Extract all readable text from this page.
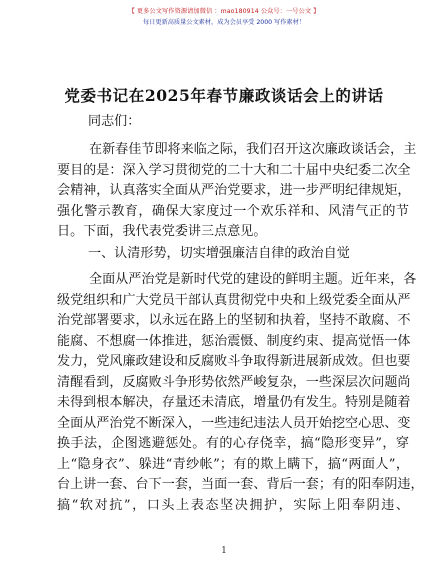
【 更多公文写作资源请加微信 ：mao180914 公众号：一号公文 】
每日更新高质量公文素材，成为会员享受 2000 写作素材！
党委书记在2025年春节廉政谈话会上的讲话
同志们：
在新春佳节即将来临之际，我们召开这次廉政谈话会，主
要目的是：深入学习贯彻党的二十大和二十届中央纪委二次全
会精神，认真落实全面从严治党要求，进一步严明纪律规矩，
强化警示教育，确保大家度过一个欢乐祥和、风清气正的节
日。下面，我代表党委讲三点意见。
一、认清形势，切实增强廉洁自律的政治自觉
全面从严治党是新时代党的建设的鲜明主题。近年来，各
级党组织和广大党员干部认真贯彻党中央和上级党委全面从严
治党部署要求，以永远在路上的坚韧和执着，坚持不敢腐、不
能腐、不想腐一体推进，惩治震慑、制度约束、提高觉悟一体
发力，党风廉政建设和反腐败斗争取得新进展新成效。但也要
清醒看到，反腐败斗争形势依然严峻复杂，一些深层次问题尚
未得到根本解决，存量还未清底，增量仍有发生。特别是随着
全面从严治党不断深入，一些违纪违法人员开始挖空心思、变
换手法，企图逃避惩处。有的心存侥幸，搞“隐形变异”，穿
上“隐身衣”、躲进“青纱帐”；有的欺上瞒下，搞“两面人”，
台上讲一套、台下一套，当面一套、背后一套；有的阳奉阴违，
搞“软对抗”，口头上表态坚决拥护，实际上阳奉阴违、
1
